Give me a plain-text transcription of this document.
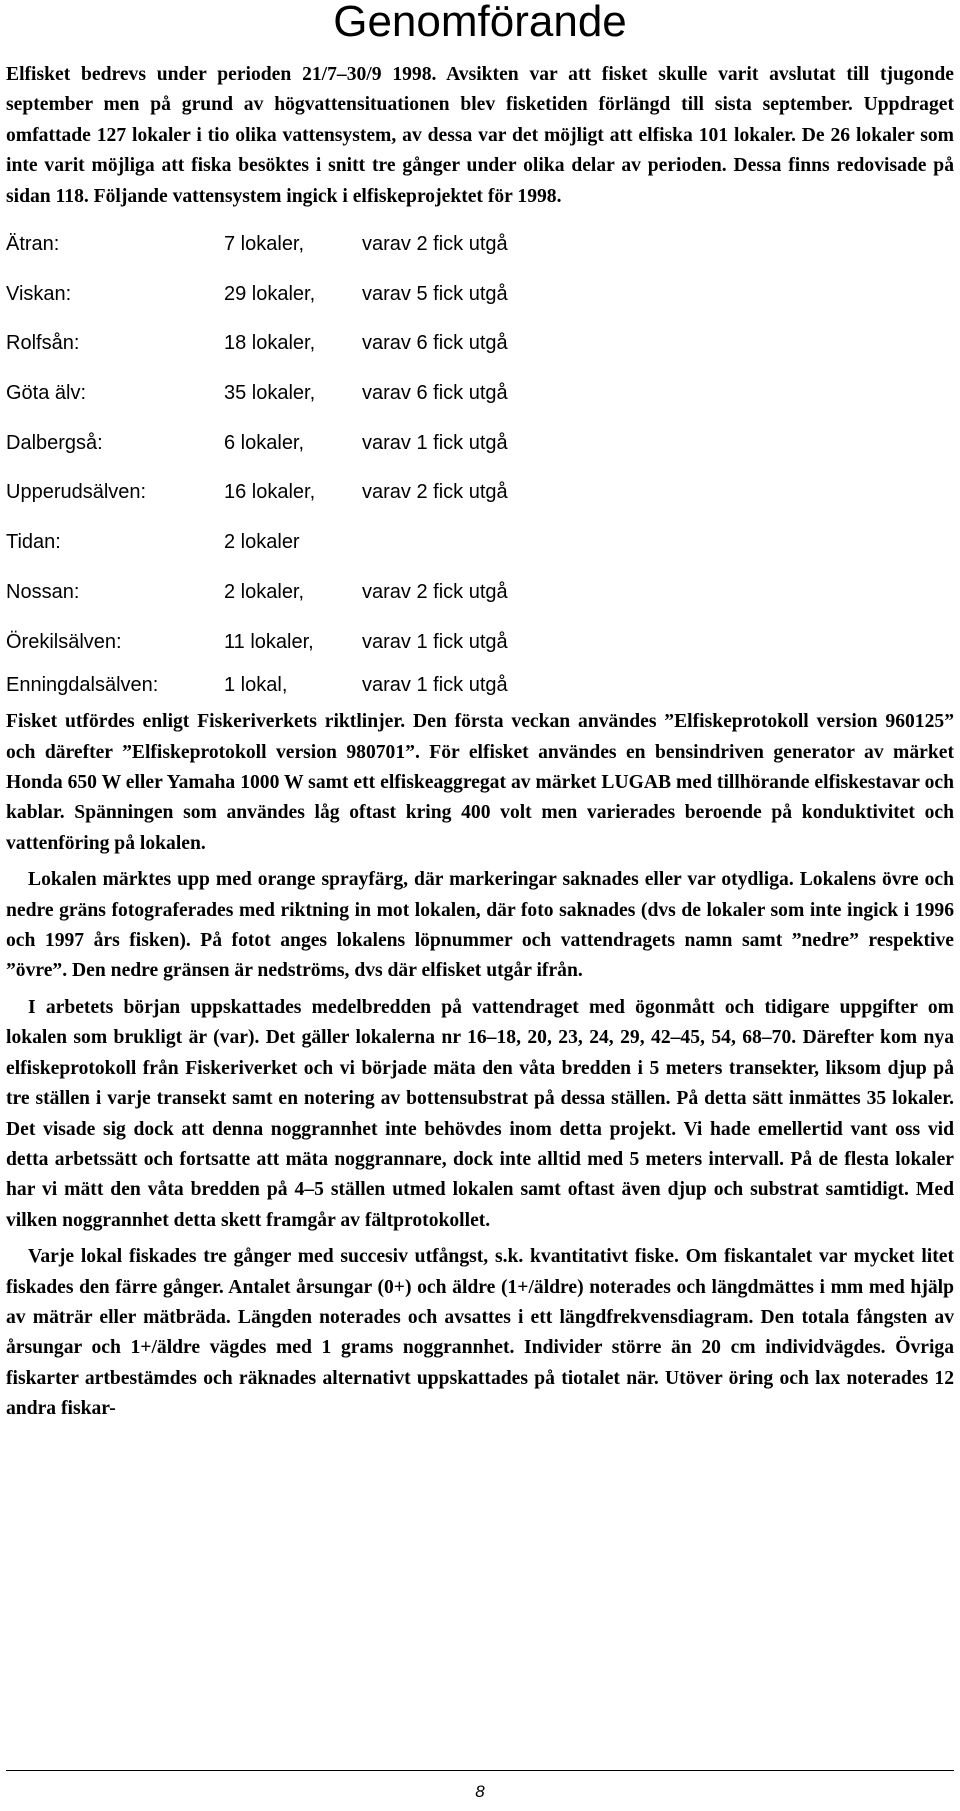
Genomförande

Elfisket bedrevs under perioden 21/7–30/9 1998. Avsikten var att fisket skulle varit avslutat till tjugonde september men på grund av högvattensituationen blev fisketiden förlängd till sista september. Uppdraget omfattade 127 lokaler i tio olika vattensystem, av dessa var det möjligt att elfiska 101 lokaler. De 26 lokaler som inte varit möjliga att fiska besöktes i snitt tre gånger under olika delar av perioden. Dessa finns redovisade på sidan 118. Följande vattensystem ingick i elfiskeprojektet för 1998.

Ätran:	7 lokaler,	varav 2 fick utgå
Viskan:	29 lokaler,	varav 5 fick utgå
Rolfsån:	18 lokaler,	varav 6 fick utgå
Göta älv:	35 lokaler,	varav 6 fick utgå
Dalbergså:	6 lokaler,	varav 1 fick utgå
Upperudsälven:	16 lokaler,	varav 2 fick utgå
Tidan:	2 lokaler
Nossan:	2 lokaler,	varav 2 fick utgå
Örekilsälven:	11 lokaler,	varav 1 fick utgå
Enningdalsälven:	1 lokal,	varav 1 fick utgå

Fisket utfördes enligt Fiskeriverkets riktlinjer. Den första veckan användes ”Elfiskeprotokoll version 960125” och därefter ”Elfiskeprotokoll version 980701”. För elfisket användes en bensindriven generator av märket Honda 650 W eller Yamaha 1000 W samt ett elfiskeaggregat av märket LUGAB med tillhörande elfiskestavar och kablar. Spänningen som användes låg oftast kring 400 volt men varierades beroende på konduktivitet och vattenföring på lokalen.

Lokalen märktes upp med orange sprayfärg, där markeringar saknades eller var otydliga. Lokalens övre och nedre gräns fotograferades med riktning in mot lokalen, där foto saknades (dvs de lokaler som inte ingick i 1996 och 1997 års fisken). På fotot anges lokalens löpnummer och vattendragets namn samt ”nedre” respektive ”övre”. Den nedre gränsen är nedströms, dvs där elfisket utgår ifrån.

I arbetets början uppskattades medelbredden på vattendraget med ögonmått och tidigare uppgifter om lokalen som brukligt är (var). Det gäller lokalerna nr 16–18, 20, 23, 24, 29, 42–45, 54, 68–70. Därefter kom nya elfiskeprotokoll från Fiskeriverket och vi började mäta den våta bredden i 5 meters transekter, liksom djup på tre ställen i varje transekt samt en notering av bottensubstrat på dessa ställen. På detta sätt inmättes 35 lokaler. Det visade sig dock att denna noggrannhet inte behövdes inom detta projekt. Vi hade emellertid vant oss vid detta arbetssätt och fortsatte att mäta noggrannare, dock inte alltid med 5 meters intervall. På de flesta lokaler har vi mätt den våta bredden på 4–5 ställen utmed lokalen samt oftast även djup och substrat samtidigt. Med vilken noggrannhet detta skett framgår av fältprotokollet.

Varje lokal fiskades tre gånger med succesiv utfångst, s.k. kvantitativt fiske. Om fiskantalet var mycket litet fiskades den färre gånger. Antalet årsungar (0+) och äldre (1+/äldre) noterades och längdmättes i mm med hjälp av mäträr eller mätbräda. Längden noterades och avsattes i ett längdfrekvensdiagram. Den totala fångsten av årsungar och 1+/äldre vägdes med 1 grams noggrannhet. Individer större än 20 cm individvägdes. Övriga fiskarter artbestämdes och räknades alternativt uppskattades på tiotalet när. Utöver öring och lax noterades 12 andra fiskar-

8
